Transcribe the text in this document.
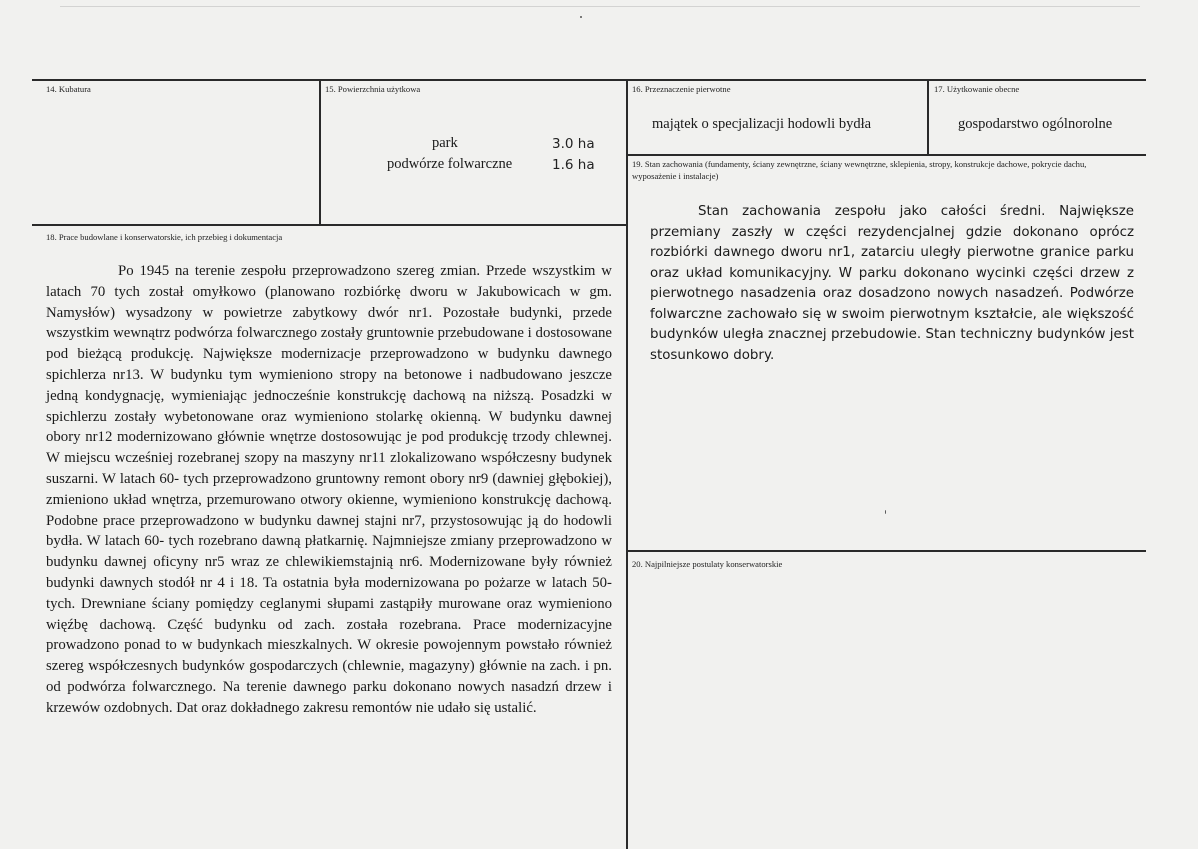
14. Kubatura	15. Powierzchnia użytkowa
park	3.0 ha
podwórze folwarczne	1.6 ha
16. Przeznaczenie pierwotne
majątek o specjalizacji hodowli bydła
17. Użytkowanie obecne
gospodarstwo ogólnorolne
18. Prace budowlane i konserwatorskie, ich przebieg i dokumentacja

Po 1945 na terenie zespołu przeprowadzono szereg zmian. Przede wszystkim w latach 70 tych został omyłkowo (planowano rozbiórkę dworu w Jakubowicach w gm. Namysłów) wysadzony w powietrze zabytkowy dwór nr1. Pozostałe budynki, przede wszystkim wewnątrz podwórza folwarcznego zostały gruntownie przebudowane i dostosowane pod bieżącą produkcję. Największe modernizacje przeprowadzono w budynku dawnego spichlerza nr13. W budynku tym wymieniono stropy na betonowe i nadbudowano jeszcze jedną kondygnację, wymieniając jednocześnie konstrukcję dachową na niższą. Posadzki w spichlerzu zostały wybetonowane oraz wymieniono stolarkę okienną. W budynku dawnej obory nr12 modernizowano głównie wnętrze dostosowując je pod produkcję trzody chlewnej. W miejscu wcześniej rozebranej szopy na maszyny nr11 zlokalizowano współczesny budynek suszarni. W latach 60- tych przeprowadzono gruntowny remont obory nr9 (dawniej głębokiej), zmieniono układ wnętrza, przemurowano otwory okienne, wymieniono konstrukcję dachową. Podobne prace przeprowadzono w budynku dawnej stajni nr7, przystosowując ją do hodowli bydła. W latach 60- tych rozebrano dawną płatkarnię. Najmniejsze zmiany przeprowadzono w budynku dawnej oficyny nr5 wraz ze chlewikiemstajnią nr6. Modernizowane były również budynki dawnych stodół nr 4 i 18. Ta ostatnia była modernizowana po pożarze w latach 50- tych. Drewniane ściany pomiędzy ceglanymi słupami zastąpiły murowane oraz wymieniono więźbę dachową. Część budynku od zach. została rozebrana. Prace modernizacyjne prowadzono ponad to w budynkach mieszkalnych. W okresie powojennym powstało również szereg współczesnych budynków gospodarczych (chlewnie, magazyny) głównie na zach. i pn. od podwórza folwarcznego. Na terenie dawnego parku dokonano nowych nasadzń drzew i krzewów ozdobnych. Dat oraz dokładnego zakresu remontów nie udało się ustalić.

19. Stan zachowania (fundamenty, ściany zewnętrzne, ściany wewnętrzne, sklepienia, stropy, konstrukcje dachowe, pokrycie dachu, wyposażenie i instalacje)

Stan zachowania zespołu jako całości średni. Największe przemiany zaszły w części rezydencjalnej gdzie dokonano oprócz rozbiórki dawnego dworu nr1, zatarciu uległy pierwotne granice parku oraz układ komunikacyjny. W parku dokonano wycinki części drzew z pierwotnego nasadzenia oraz dosadzono nowych nasadzeń. Podwórze folwarczne zachowało się w swoim pierwotnym kształcie, ale większość budynków uległa znacznej przebudowie. Stan techniczny budynków jest stosunkowo dobry.

20. Najpilniejsze postulaty konserwatorskie
